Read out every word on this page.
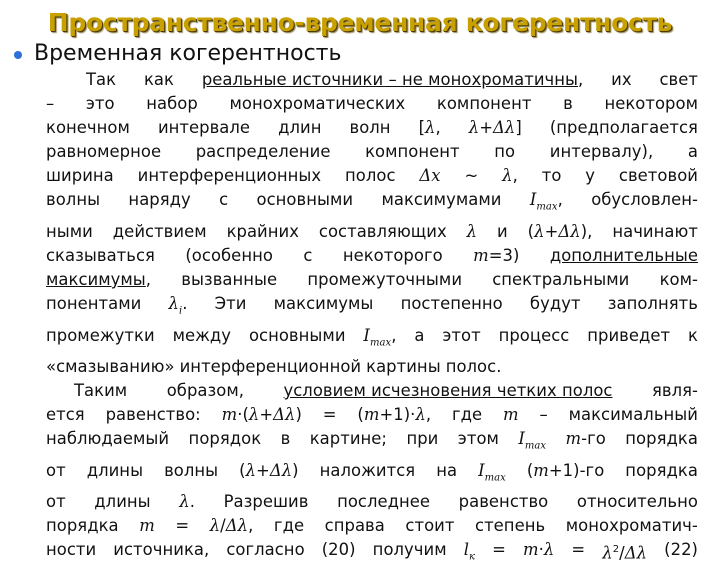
Пространственно-временная когерентность
Временная когерентность
Так как реальные источники – не монохроматичны, их свет
– это набор монохроматических компонент в некотором
конечном интервале длин волн [λ, λ+Δλ] (предполагается
равномерное распределение компонент по интервалу), а
ширина интерференционных полос Δx ~ λ, то у световой
волны наряду с основными максимумами $I_{max}$, обусловлен-
ными действием крайних составляющих λ и (λ+Δλ), начинают
сказываться (особенно с некоторого m=3) дополнительные
максимумы, вызванные промежуточными спектральными ком-
понентами $\lambda_i$. Эти максимумы постепенно будут заполнять
промежутки между основными $I_{max}$, а этот процесс приведет к
«смазыванию» интерференционной картины полос.
Таким образом, условием исчезновения четких полос явля-
ется равенство: m·(λ+Δλ) = (m+1)·λ, где m – максимальный
наблюдаемый порядок в картине; при этом $I_{max}$ m-го порядка
от длины волны (λ+Δλ) наложится на $I_{max}$ (m+1)-го порядка
от длины λ. Разрешив последнее равенство относительно
порядка m = λ/Δλ, где справа стоит степень монохроматич-
ности источника, согласно (20) получим $l_к = m\cdot\lambda = \lambda^2/\Delta\lambda$ (22)
